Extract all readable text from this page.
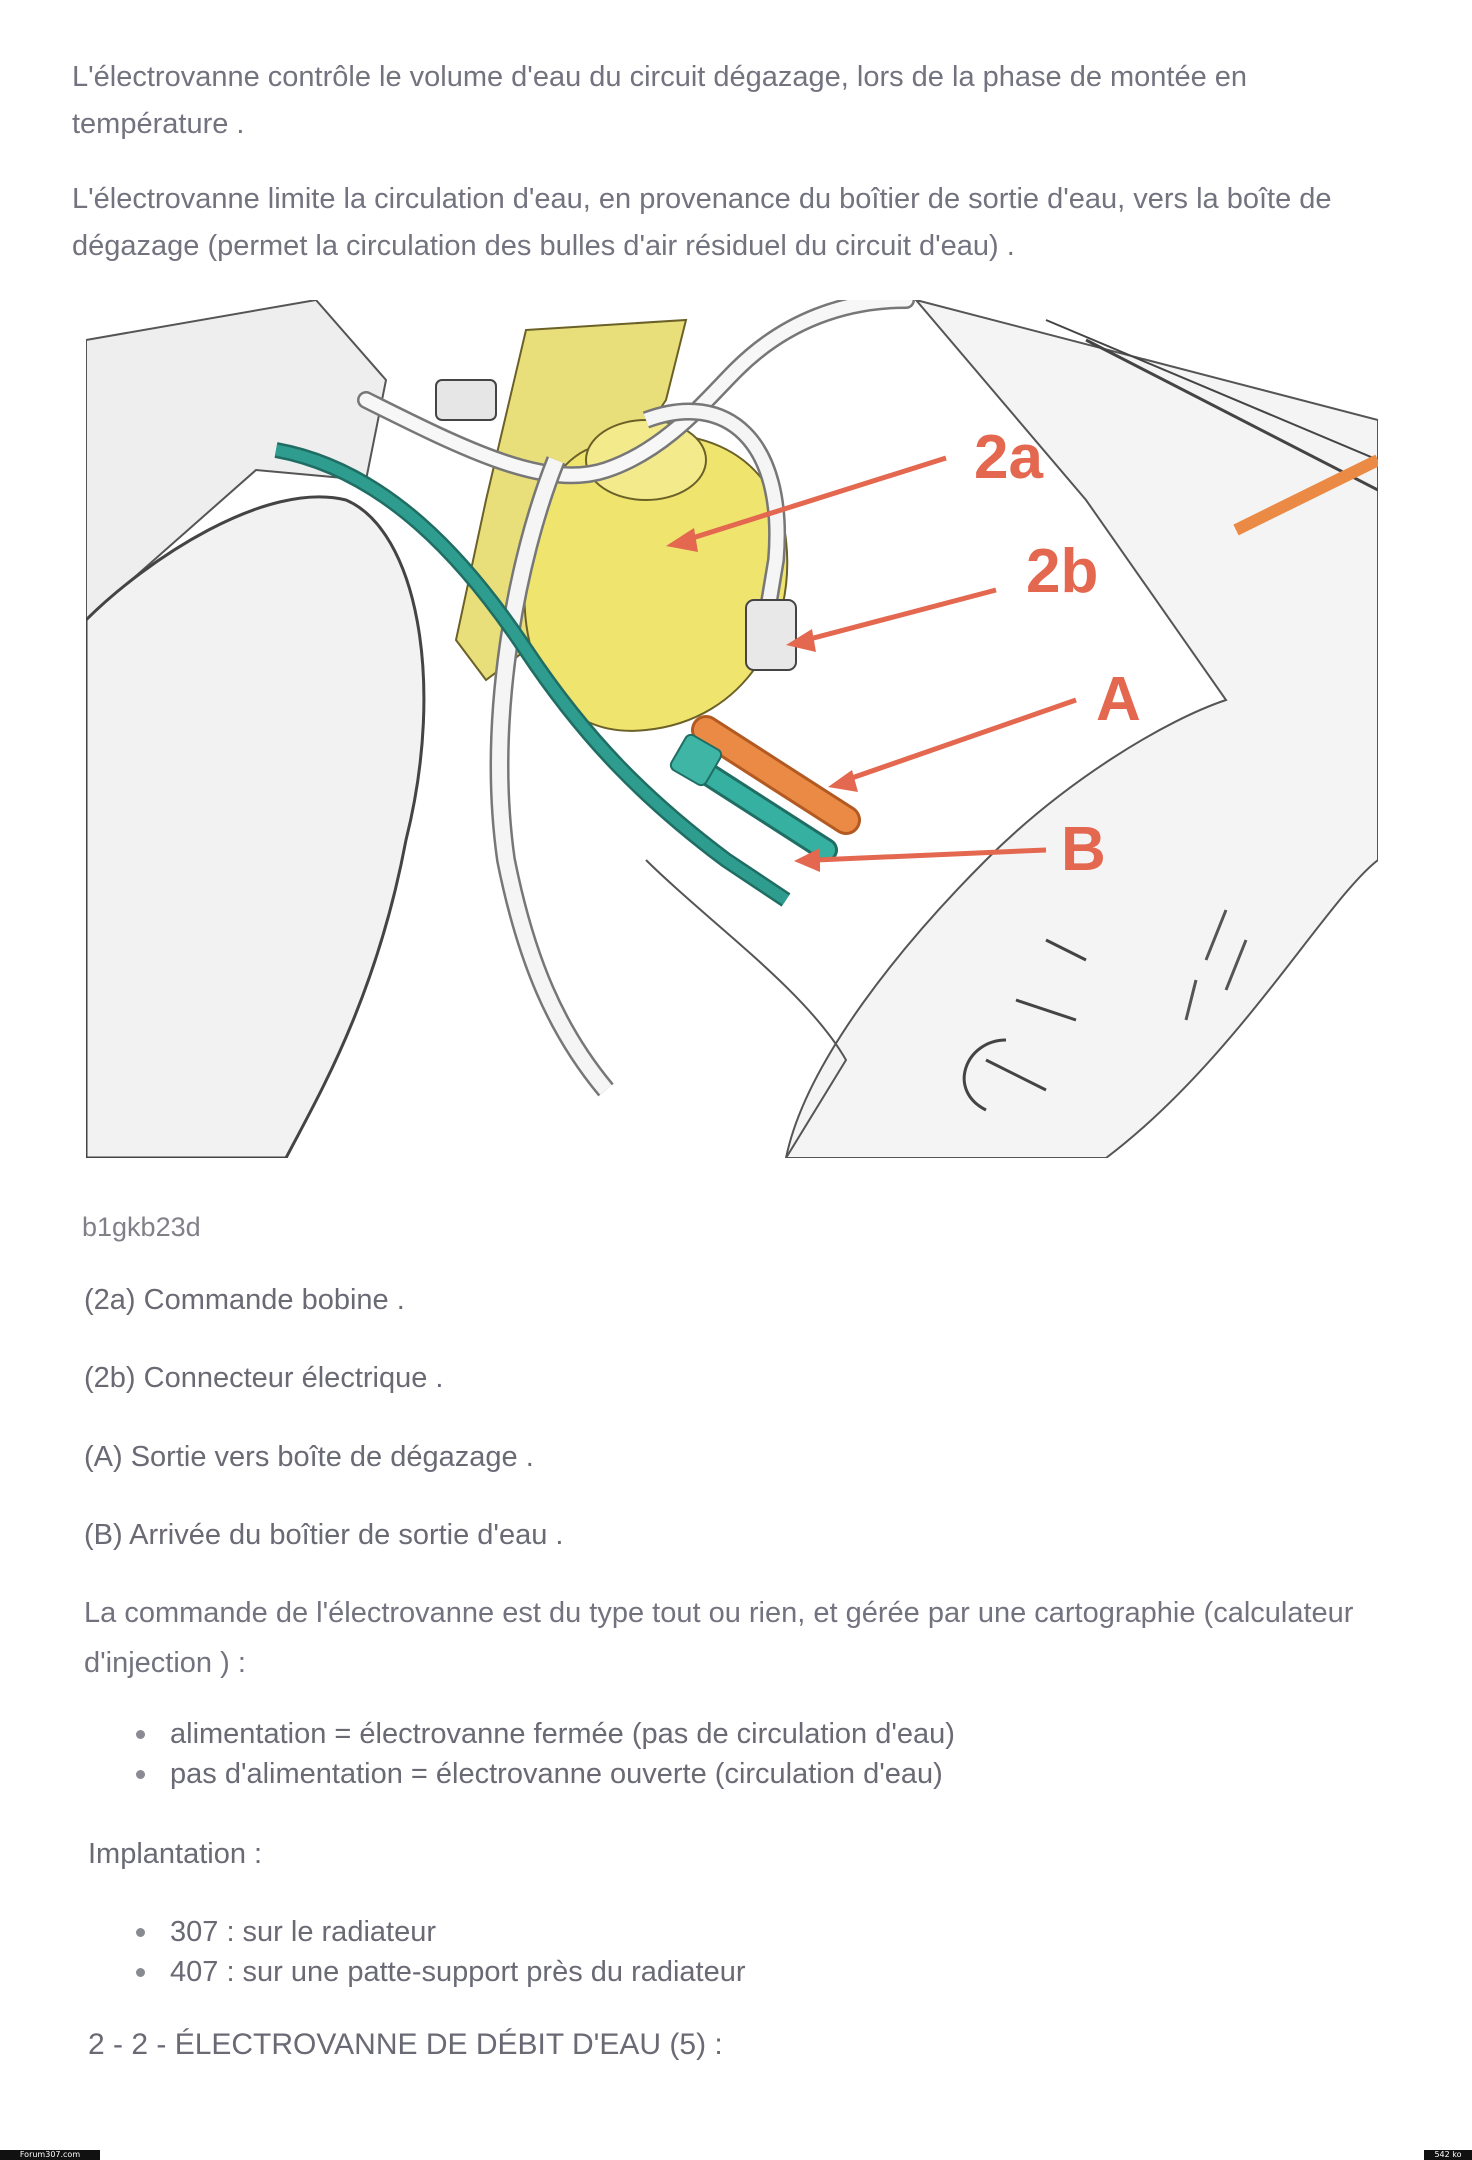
L'électrovanne contrôle le volume d'eau du circuit dégazage, lors de la phase de montée en température .

L'électrovanne limite la circulation d'eau, en provenance du boîtier de sortie d'eau, vers la boîte de dégazage (permet la circulation des bulles d'air résiduel du circuit d'eau) .

2a
2b
A
B
b1gkb23d
(2a) Commande bobine .
(2b) Connecteur électrique .
(A) Sortie vers boîte de dégazage .
(B) Arrivée du boîtier de sortie d'eau .

La commande de l'électrovanne est du type tout ou rien, et gérée par une cartographie (calculateur d'injection ) :

alimentation = électrovanne fermée (pas de circulation d'eau)
pas d'alimentation = électrovanne ouverte (circulation d'eau)
Implantation :
307 : sur le radiateur
407 : sur une patte-support près du radiateur
2 - 2 - ÉLECTROVANNE DE DÉBIT D'EAU (5) :
Forum307.com	542 ko
